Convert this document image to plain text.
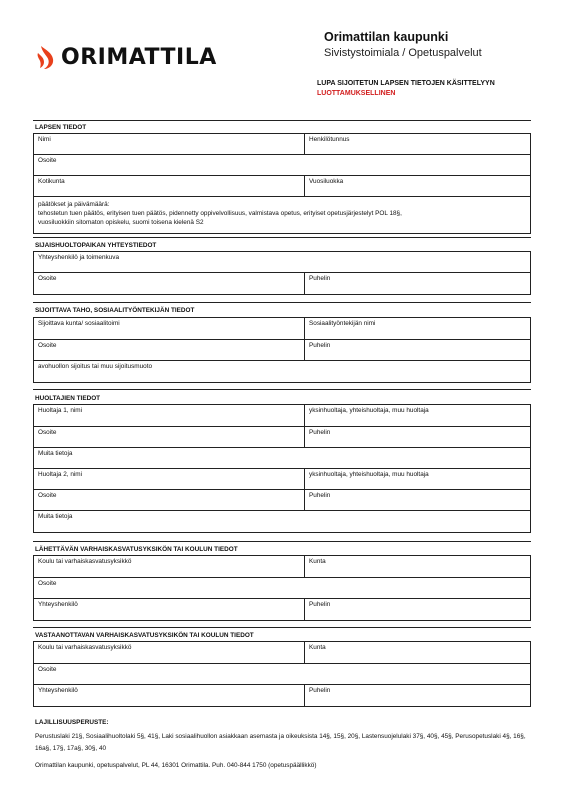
ORIMATTILA
Orimattilan kaupunki
Sivistystoimiala / Opetuspalvelut
LUPA SIJOITETUN LAPSEN TIETOJEN KÄSITTELYYN
LUOTTAMUKSELLINEN
LAPSEN TIEDOT
Nimi	Henkilötunnus
Osoite
Kotikunta	Vuosiluokka
päätökset ja päivämäärä:
tehostetun tuen päätös, erityisen tuen päätös, pidennetty oppivelvollisuus, valmistava opetus, erityiset opetusjärjestelyt POL 18§,
vuosiluokkiin sitomaton opiskelu, suomi toisena kielenä S2
SIJAISHUOLTOPAIKAN YHTEYSTIEDOT
Yhteyshenkilö ja toimenkuva
Osoite	Puhelin
SIJOITTAVA TAHO, SOSIAALITYÖNTEKIJÄN TIEDOT
Sijoittava kunta/ sosiaalitoimi	Sosiaalityöntekijän nimi
Osoite	Puhelin
avohuollon sijoitus tai muu sijoitusmuoto
HUOLTAJIEN TIEDOT
Huoltaja 1, nimi	yksinhuoltaja, yhteishuoltaja, muu huoltaja
Osoite	Puhelin
Muita tietoja
Huoltaja 2, nimi	yksinhuoltaja, yhteishuoltaja, muu huoltaja
Osoite	Puhelin
Muita tietoja
LÄHETTÄVÄN VARHAISKASVATUSYKSIKÖN TAI KOULUN TIEDOT
Koulu tai varhaiskasvatusyksikkö	Kunta
Osoite
Yhteyshenkilö	Puhelin
VASTAANOTTAVAN VARHAISKASVATUSYKSIKÖN TAI KOULUN TIEDOT
Koulu tai varhaiskasvatusyksikkö	Kunta
Osoite
Yhteyshenkilö	Puhelin
LAJILLISUUSPERUSTE:
Perustuslaki 21§, Sosiaalihuoltolaki 5§, 41§, Laki sosiaalihuollon asiakkaan asemasta ja oikeuksista 14§, 15§, 20§, Lastensuojelulaki 37§, 40§, 45§, Perusopetuslaki 4§, 16§, 16a§, 17§, 17a§, 30§, 40
Orimattilan kaupunki, opetuspalvelut, PL 44, 16301 Orimattila. Puh. 040-844 1750 (opetuspäällikkö)
